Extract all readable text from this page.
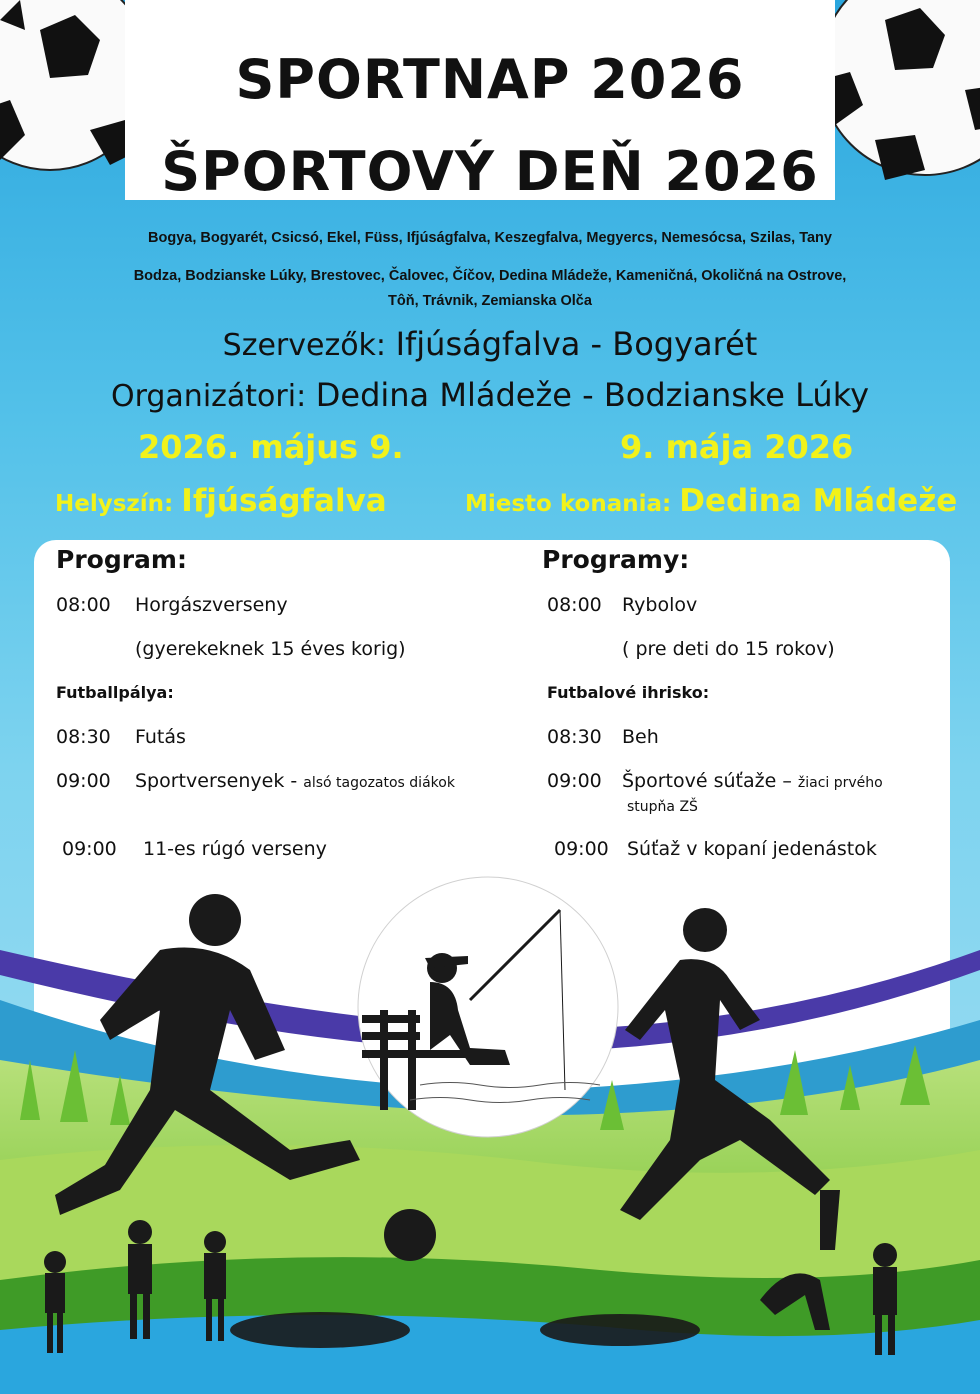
SPORTNAP 2026
ŠPORTOVÝ DEŇ 2026
Bogya, Bogyarét, Csicsó, Ekel, Füss, Ifjúságfalva, Keszegfalva, Megyercs, Nemesócsa, Szilas, Tany
Bodza, Bodzianske Lúky, Brestovec, Čalovec, Číčov, Dedina Mládeže, Kameničná, Okoličná na Ostrove,
Tôň, Trávnik, Zemianska Olča
Szervezők: Ifjúságfalva - Bogyarét
Organizátori: Dedina Mládeže - Bodzianske Lúky
2026. május 9.	9. mája 2026
Helyszín: Ifjúságfalva	Miesto konania: Dedina Mládeže
Program:
08:00 Horgászverseny
(gyerekeknek 15 éves korig)
Futballpálya:
08:30 Futás
09:00 Sportversenyek - alsó tagozatos diákok
09:00 11-es rúgó verseny
Programy:
08:00 Rybolov
( pre deti do 15 rokov)
Futbalové ihrisko:
08:30 Beh
09:00 Športové súťaže – žiaci prvého
stupňa ZŠ
09:00 Súťaž v kopaní jedenástok
